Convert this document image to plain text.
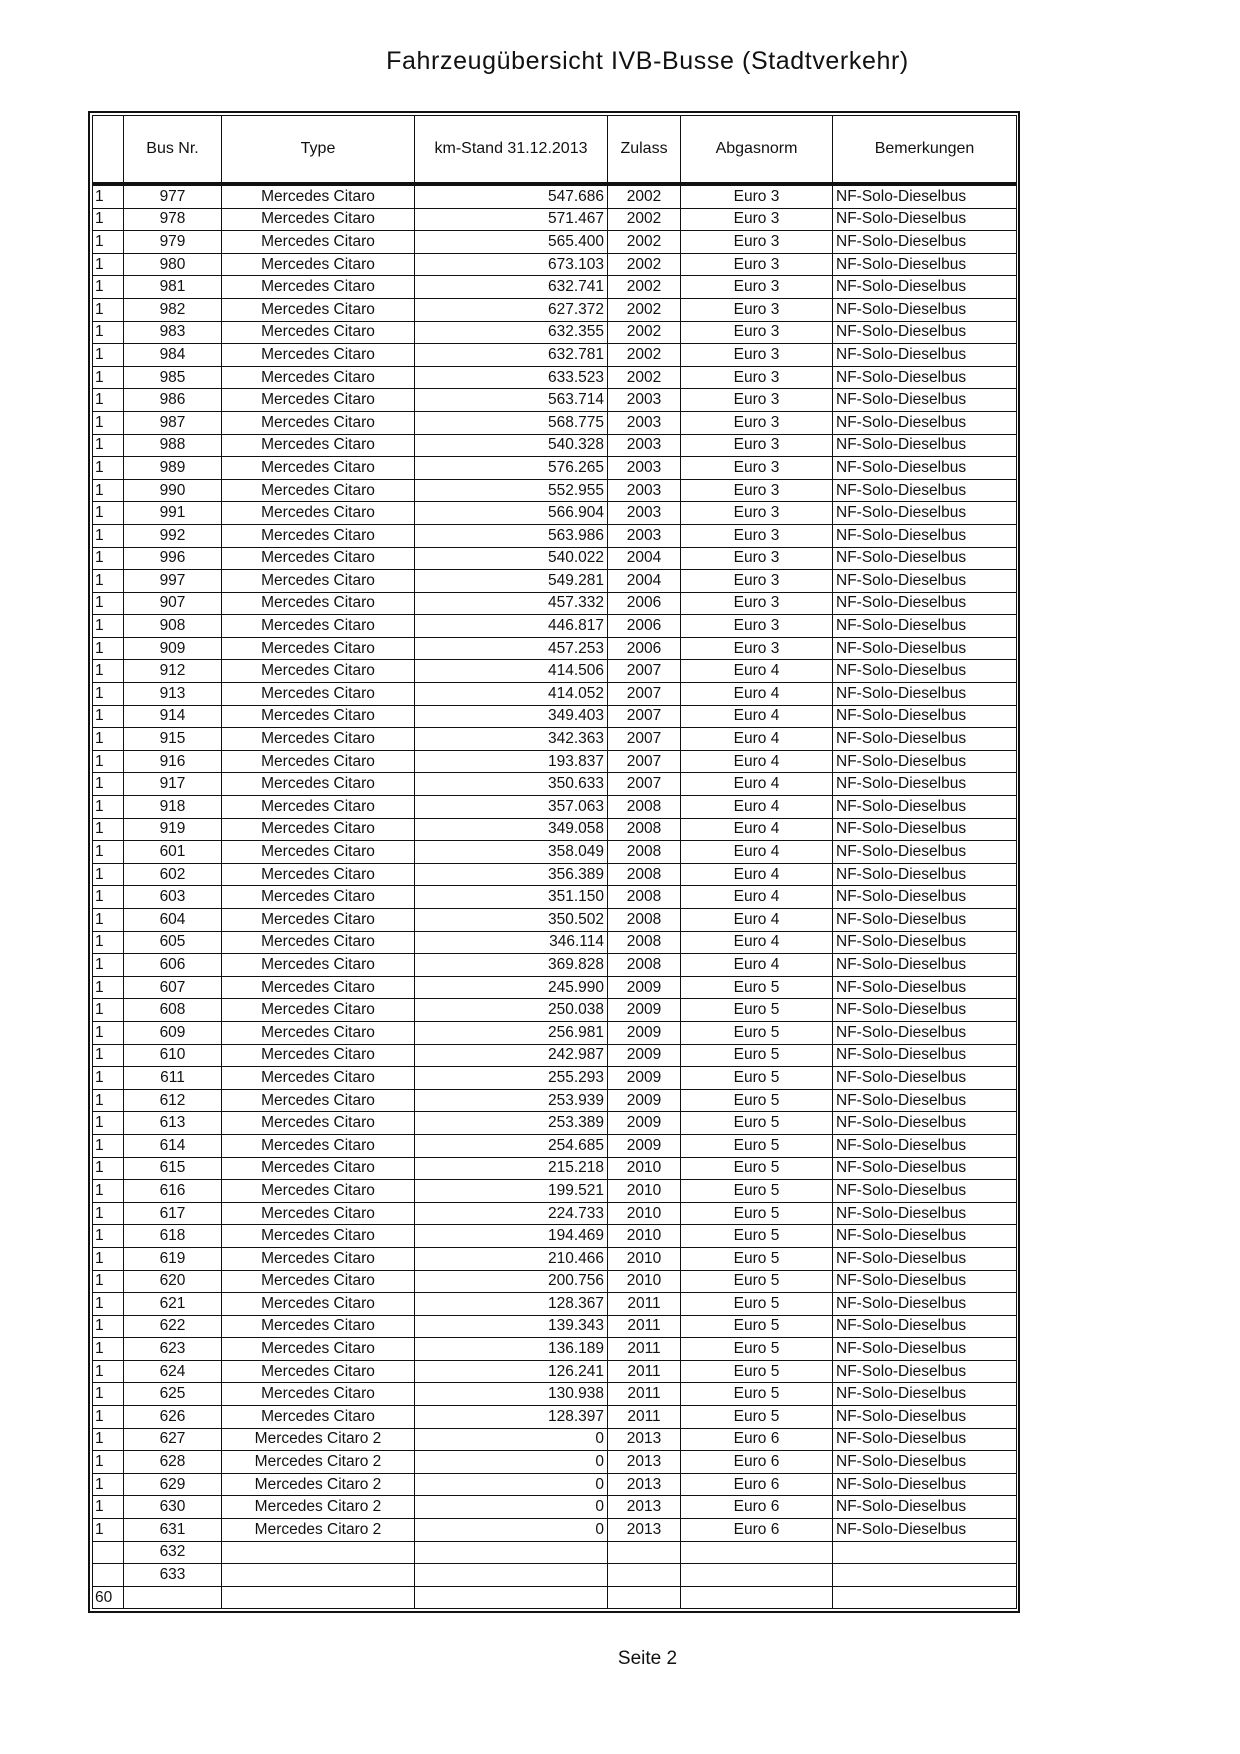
Fahrzeugübersicht IVB-Busse (Stadtverkehr)
	Bus Nr.	Type	km-Stand 31.12.2013	Zulass	Abgasnorm	Bemerkungen
1	977	Mercedes Citaro	547.686	2002	Euro 3	NF-Solo-Dieselbus
1	978	Mercedes Citaro	571.467	2002	Euro 3	NF-Solo-Dieselbus
1	979	Mercedes Citaro	565.400	2002	Euro 3	NF-Solo-Dieselbus
1	980	Mercedes Citaro	673.103	2002	Euro 3	NF-Solo-Dieselbus
1	981	Mercedes Citaro	632.741	2002	Euro 3	NF-Solo-Dieselbus
1	982	Mercedes Citaro	627.372	2002	Euro 3	NF-Solo-Dieselbus
1	983	Mercedes Citaro	632.355	2002	Euro 3	NF-Solo-Dieselbus
1	984	Mercedes Citaro	632.781	2002	Euro 3	NF-Solo-Dieselbus
1	985	Mercedes Citaro	633.523	2002	Euro 3	NF-Solo-Dieselbus
1	986	Mercedes Citaro	563.714	2003	Euro 3	NF-Solo-Dieselbus
1	987	Mercedes Citaro	568.775	2003	Euro 3	NF-Solo-Dieselbus
1	988	Mercedes Citaro	540.328	2003	Euro 3	NF-Solo-Dieselbus
1	989	Mercedes Citaro	576.265	2003	Euro 3	NF-Solo-Dieselbus
1	990	Mercedes Citaro	552.955	2003	Euro 3	NF-Solo-Dieselbus
1	991	Mercedes Citaro	566.904	2003	Euro 3	NF-Solo-Dieselbus
1	992	Mercedes Citaro	563.986	2003	Euro 3	NF-Solo-Dieselbus
1	996	Mercedes Citaro	540.022	2004	Euro 3	NF-Solo-Dieselbus
1	997	Mercedes Citaro	549.281	2004	Euro 3	NF-Solo-Dieselbus
1	907	Mercedes Citaro	457.332	2006	Euro 3	NF-Solo-Dieselbus
1	908	Mercedes Citaro	446.817	2006	Euro 3	NF-Solo-Dieselbus
1	909	Mercedes Citaro	457.253	2006	Euro 3	NF-Solo-Dieselbus
1	912	Mercedes Citaro	414.506	2007	Euro 4	NF-Solo-Dieselbus
1	913	Mercedes Citaro	414.052	2007	Euro 4	NF-Solo-Dieselbus
1	914	Mercedes Citaro	349.403	2007	Euro 4	NF-Solo-Dieselbus
1	915	Mercedes Citaro	342.363	2007	Euro 4	NF-Solo-Dieselbus
1	916	Mercedes Citaro	193.837	2007	Euro 4	NF-Solo-Dieselbus
1	917	Mercedes Citaro	350.633	2007	Euro 4	NF-Solo-Dieselbus
1	918	Mercedes Citaro	357.063	2008	Euro 4	NF-Solo-Dieselbus
1	919	Mercedes Citaro	349.058	2008	Euro 4	NF-Solo-Dieselbus
1	601	Mercedes Citaro	358.049	2008	Euro 4	NF-Solo-Dieselbus
1	602	Mercedes Citaro	356.389	2008	Euro 4	NF-Solo-Dieselbus
1	603	Mercedes Citaro	351.150	2008	Euro 4	NF-Solo-Dieselbus
1	604	Mercedes Citaro	350.502	2008	Euro 4	NF-Solo-Dieselbus
1	605	Mercedes Citaro	346.114	2008	Euro 4	NF-Solo-Dieselbus
1	606	Mercedes Citaro	369.828	2008	Euro 4	NF-Solo-Dieselbus
1	607	Mercedes Citaro	245.990	2009	Euro 5	NF-Solo-Dieselbus
1	608	Mercedes Citaro	250.038	2009	Euro 5	NF-Solo-Dieselbus
1	609	Mercedes Citaro	256.981	2009	Euro 5	NF-Solo-Dieselbus
1	610	Mercedes Citaro	242.987	2009	Euro 5	NF-Solo-Dieselbus
1	611	Mercedes Citaro	255.293	2009	Euro 5	NF-Solo-Dieselbus
1	612	Mercedes Citaro	253.939	2009	Euro 5	NF-Solo-Dieselbus
1	613	Mercedes Citaro	253.389	2009	Euro 5	NF-Solo-Dieselbus
1	614	Mercedes Citaro	254.685	2009	Euro 5	NF-Solo-Dieselbus
1	615	Mercedes Citaro	215.218	2010	Euro 5	NF-Solo-Dieselbus
1	616	Mercedes Citaro	199.521	2010	Euro 5	NF-Solo-Dieselbus
1	617	Mercedes Citaro	224.733	2010	Euro 5	NF-Solo-Dieselbus
1	618	Mercedes Citaro	194.469	2010	Euro 5	NF-Solo-Dieselbus
1	619	Mercedes Citaro	210.466	2010	Euro 5	NF-Solo-Dieselbus
1	620	Mercedes Citaro	200.756	2010	Euro 5	NF-Solo-Dieselbus
1	621	Mercedes Citaro	128.367	2011	Euro 5	NF-Solo-Dieselbus
1	622	Mercedes Citaro	139.343	2011	Euro 5	NF-Solo-Dieselbus
1	623	Mercedes Citaro	136.189	2011	Euro 5	NF-Solo-Dieselbus
1	624	Mercedes Citaro	126.241	2011	Euro 5	NF-Solo-Dieselbus
1	625	Mercedes Citaro	130.938	2011	Euro 5	NF-Solo-Dieselbus
1	626	Mercedes Citaro	128.397	2011	Euro 5	NF-Solo-Dieselbus
1	627	Mercedes Citaro 2	0	2013	Euro 6	NF-Solo-Dieselbus
1	628	Mercedes Citaro 2	0	2013	Euro 6	NF-Solo-Dieselbus
1	629	Mercedes Citaro 2	0	2013	Euro 6	NF-Solo-Dieselbus
1	630	Mercedes Citaro 2	0	2013	Euro 6	NF-Solo-Dieselbus
1	631	Mercedes Citaro 2	0	2013	Euro 6	NF-Solo-Dieselbus
	632					
	633					
60						
Seite 2
